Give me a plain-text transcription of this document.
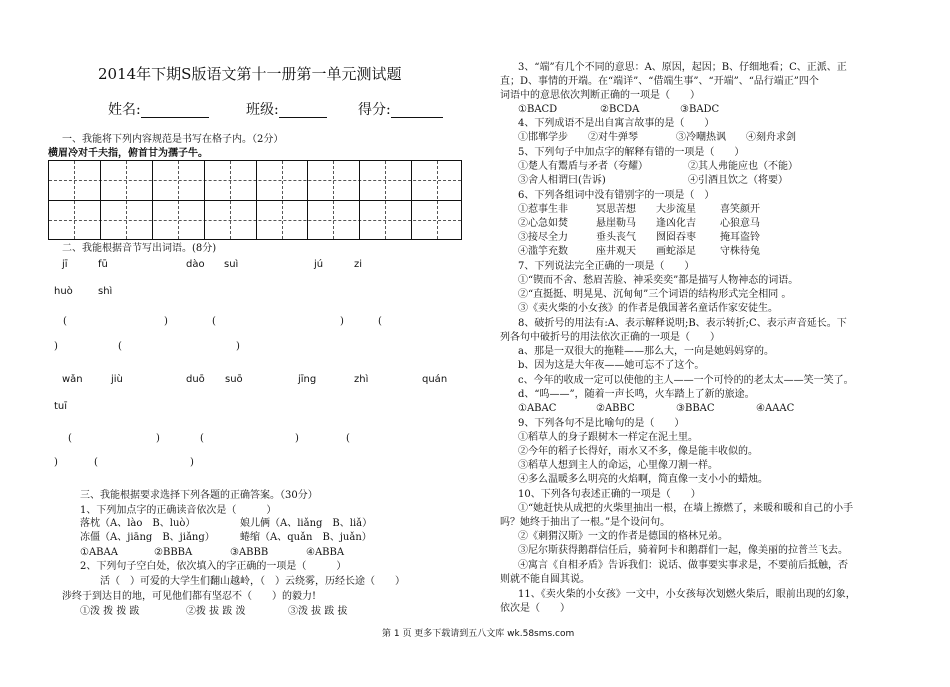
2014年下期S版语文第十一册第一单元测试题
姓名:	班级:	得分:
一、我能将下列内容规范是书写在格子内。（2分）
横眉冷对千夫指，俯首甘为孺子牛。
二、我能根据音节写出词语。(8分)
jī	fū	dào suì	jú	zi
huò	shì
(	)	(	)	(
)	(	)
wǎn	jiù	duō suō	jīng	zhì	quán
tuī
(	)	(	)	(
)	(	)
三、我能根据要求选择下列各题的正确答案。（30分）
1、下列加点字的正确读音依次是（　　　）
落枕（A、lào　B、luò）	娘儿俩（A、liǎng　B、liǎ）
冻僵（A、jiāng　B、jiǎng）	蜷缩（A、quǎn　B、juǎn）
①ABAA	②BBBA	③ABBB	④ABBA
2、下列句子空白处，依次填入的字正确的一项是（　　　）
活（　）可爱的大学生们翻山越岭，（　）云绕雾，历经长途（　　）
涉终于到达目的地，可见他们都有坚忍不（　　）的毅力!
①泼 拨 拨 跋	②拨 拔 跋 泼	③泼 拔 跋 拔
3、“端”有几个不同的意思：A、原因，起因；B、仔细地看；C、正派、正
直；D、事情的开端。在“端详”、“借端生事”、“开端”、“品行端正”四个
词语中的意思依次判断正确的一项是（　　）
①BACD	②BCDA	③BADC
4、下列成语不是出自寓言故事的是（　　）
①邯郸学步 ②对牛弹琴	③冷嘲热讽 ④刻舟求剑
5、下列句子中加点字的解释有错的一项是（　　）
①楚人有鬻盾与矛者（夸耀）	②其人弗能应也（不能）
③舍人相谓曰(告诉)	④引酒且饮之（将要）
6、下列各组词中没有错别字的一项是（　）
①惹事生非	冥思苦想 大步流星 喜笑颜开
②心急如焚	悬崖勒马 逢凶化吉 心狼意马
③接尽全力	垂头丧气 囫囵吞枣 掩耳盗铃
④滥竽充数	座井观天 画蛇添足 守株待兔
7、下列说法完全正确的一项是（　　）
①“锲而不舍、愁眉苦脸、神采奕奕”都是描写人物神态的词语。
②“直挺挺、明晃晃、沉甸甸”三个词语的结构形式完全相同 。
③《卖火柴的小女孩》的作者是俄国著名童话作家安徒生。
8、破折号的用法有:A、表示解释说明;B、表示转折;C、表示声音延长。下
列各句中破折号的用法依次正确的一项是（　　）
a、那是一双很大的拖鞋——那么大，一向是她妈妈穿的。
b、因为这是大年夜——她可忘不了这个。
c、今年的收成一定可以使他的主人——一个可怜的的老太太——笑一笑了。
d、“呜——”，随着一声长鸣，火车踏上了新的旅途。
①ABAC	②ABBC	③BBAC	④AAAC
9、下列各句不是比喻句的是（　　）
①稻草人的身子跟树木一样定在泥土里。
②今年的稻子长得好，雨水又不多，像是能丰收似的。
③稻草人想到主人的命运，心里像刀割一样。
④多么温暖多么明亮的火焰啊，简直像一支小小的蜡烛。
10、下列各句表述正确的一项是（　　）
①“她赶快从成把的火柴里抽出一根，在墙上擦燃了，来暖和暖和自己的小手
吗？她终于抽出了一根。”是个设问句。
②《刺猬汉斯》一文的作者是德国的格林兄弟。
③尼尔斯获得鹅群信任后，骑着阿卡和鹅群们一起，像美丽的拉普兰飞去。
④寓言《自相矛盾》告诉我们：说话、做事要实事求是，不要前后抵触，否
则就不能自圆其说。
11、《卖火柴的小女孩》一文中，小女孩每次划燃火柴后，眼前出现的幻象，
依次是（　　）
第 1 页 更多下载请到五八文库 wk.58sms.com
